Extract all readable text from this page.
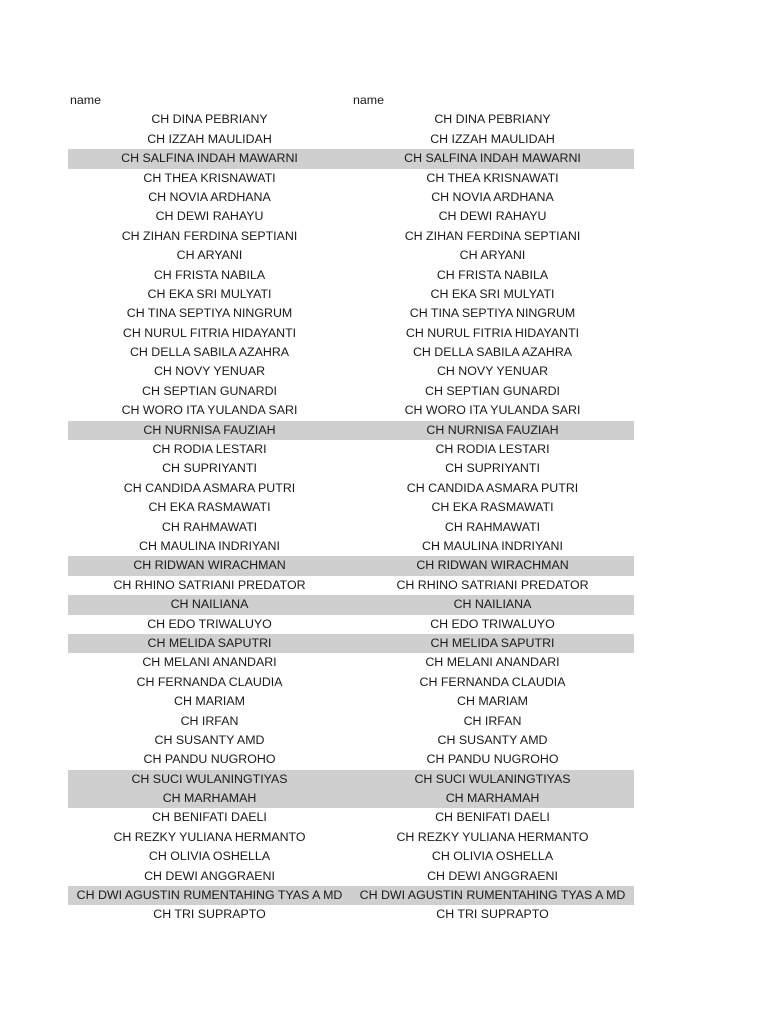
name	name
CH DINA PEBRIANY	CH DINA PEBRIANY
CH IZZAH MAULIDAH	CH IZZAH MAULIDAH
CH SALFINA INDAH MAWARNI	CH SALFINA INDAH MAWARNI
CH THEA KRISNAWATI	CH THEA KRISNAWATI
CH NOVIA ARDHANA	CH NOVIA ARDHANA
CH DEWI RAHAYU	CH DEWI RAHAYU
CH ZIHAN FERDINA SEPTIANI	CH ZIHAN FERDINA SEPTIANI
CH ARYANI	CH ARYANI
CH FRISTA NABILA	CH FRISTA NABILA
CH EKA SRI MULYATI	CH EKA SRI MULYATI
CH TINA SEPTIYA NINGRUM	CH TINA SEPTIYA NINGRUM
CH NURUL FITRIA HIDAYANTI	CH NURUL FITRIA HIDAYANTI
CH DELLA SABILA AZAHRA	CH DELLA SABILA AZAHRA
CH NOVY YENUAR	CH NOVY YENUAR
CH SEPTIAN GUNARDI	CH SEPTIAN GUNARDI
CH WORO ITA YULANDA SARI	CH WORO ITA YULANDA SARI
CH NURNISA FAUZIAH	CH NURNISA FAUZIAH
CH RODIA LESTARI	CH RODIA LESTARI
CH SUPRIYANTI	CH SUPRIYANTI
CH CANDIDA ASMARA PUTRI	CH CANDIDA ASMARA PUTRI
CH EKA RASMAWATI	CH EKA RASMAWATI
CH RAHMAWATI	CH RAHMAWATI
CH MAULINA INDRIYANI	CH MAULINA INDRIYANI
CH RIDWAN WIRACHMAN	CH RIDWAN WIRACHMAN
CH RHINO SATRIANI PREDATOR	CH RHINO SATRIANI PREDATOR
CH NAILIANA	CH NAILIANA
CH EDO TRIWALUYO	CH EDO TRIWALUYO
CH MELIDA SAPUTRI	CH MELIDA SAPUTRI
CH MELANI ANANDARI	CH MELANI ANANDARI
CH FERNANDA CLAUDIA	CH FERNANDA CLAUDIA
CH MARIAM	CH MARIAM
CH IRFAN	CH IRFAN
CH SUSANTY AMD	CH SUSANTY AMD
CH PANDU NUGROHO	CH PANDU NUGROHO
CH SUCI WULANINGTIYAS	CH SUCI WULANINGTIYAS
CH MARHAMAH	CH MARHAMAH
CH BENIFATI DAELI	CH BENIFATI DAELI
CH REZKY YULIANA HERMANTO	CH REZKY YULIANA HERMANTO
CH OLIVIA OSHELLA	CH OLIVIA OSHELLA
CH DEWI ANGGRAENI	CH DEWI ANGGRAENI
CH DWI AGUSTIN RUMENTAHING TYAS A MD	CH DWI AGUSTIN RUMENTAHING TYAS A MD
CH TRI SUPRAPTO	CH TRI SUPRAPTO
